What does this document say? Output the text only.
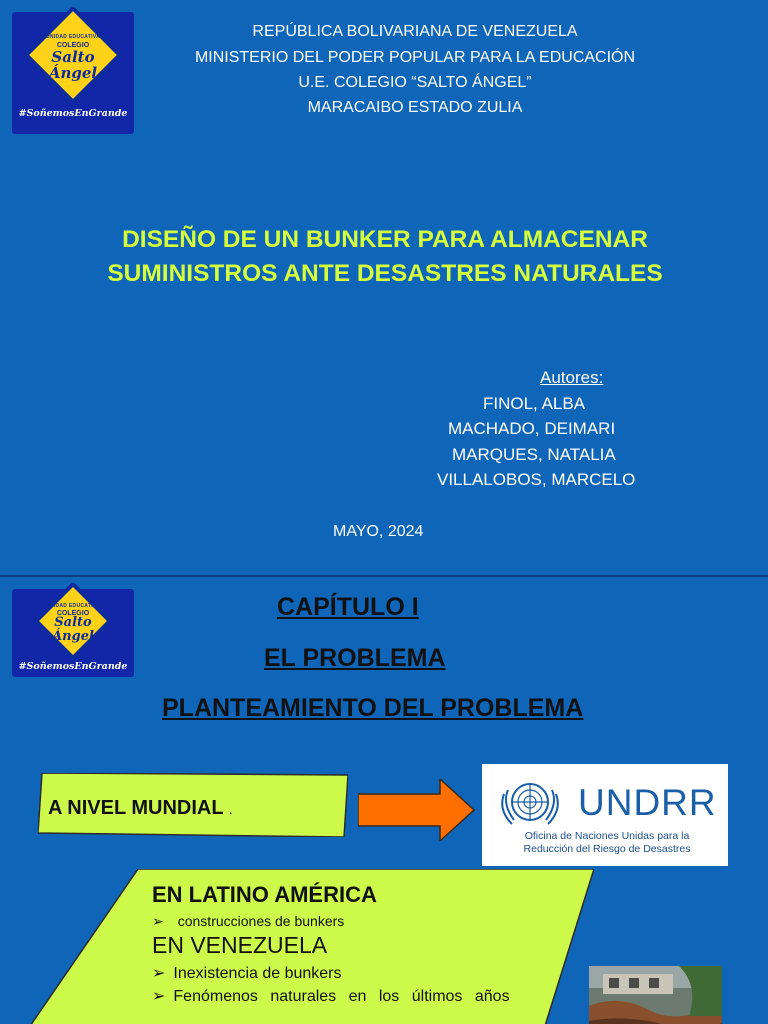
UNIDAD EDUCATIVA
COLEGIO
Salto
Ángel
#SoñemosEnGrande
REPÚBLICA BOLIVARIANA DE VENEZUELA
MINISTERIO DEL PODER POPULAR PARA LA EDUCACIÓN
U.E. COLEGIO “SALTO ÁNGEL”
MARACAIBO ESTADO ZULIA
DISEÑO DE UN BUNKER PARA ALMACENAR
SUMINISTROS ANTE DESASTRES NATURALES
Autores:
FINOL, ALBA
MACHADO, DEIMARI
MARQUES, NATALIA
VILLALOBOS, MARCELO
MAYO, 2024
UNIDAD EDUCATIVA
COLEGIO
Salto
Ángel
#SoñemosEnGrande
CAPÍTULO I
EL PROBLEMA
PLANTEAMIENTO DEL PROBLEMA
A NIVEL MUNDIAL .	UNDRR
Oficina de Naciones Unidas para la
Reducción del Riesgo de Desastres
EN LATINO AMÉRICA
➢ construcciones de bunkers
EN VENEZUELA
➢ Inexistencia de bunkers
➢ Fenómenos naturales en los últimos años
